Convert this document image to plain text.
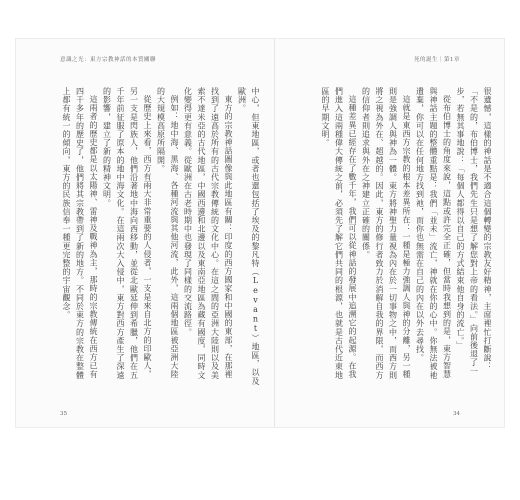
意識之光：東方宗教神話的本質關聯	死的誕生｜第1章

中心，但東地區，或者也還包括了埃及的黎凡特（Levant）地區，以及歐洲。

東方的宗教神話圖像與此地區有關：印度的西方國家和中國的東部，在那裡找到了遠高於所有的古代宗教傳統的文化中心。在這之間的亞洲大陸則以及美索不達米亞的古代地區，中國西邊和北邊以及東南亞地區為藏有國度，同時文化變得更有意義。從歐洲在古老時期中也發現了同樣的交流路徑。

例如：地中海、黑海、各種河流與其他河流，此外，這兩個地區被亞洲大陸的大規模高原所隔開。

從歷史上來看，西方有兩大非常重要的人侵者，一支是來自北方的印歐人，另一支是閃族人，他們沿著地中海向西移動，並從北歐延伸到希臘，他們在五千年前征服了原本的地中海文化。在這兩次大入侵中，東方對西方產生了深遠的影響，建立了新的精神文明。

這兩者的歷史都是以太陽神、雷神及戰神為主，那時的宗教傳統在西方已有四千多年的歷史了，他們將其宗教帶到了新的地方。不同於東方的宗教在整體上都有統一的傾向，東方的民族信奉一種更完整的宇宙觀念。	很遺憾，這樣的神話是不適合這個轉變的宗教友好精神，主席裡忙打斷說：「不是的，布伯博士，我們先生只是想了解您對上帝的看法。」向前後退了一步，若無其事地說：「每個人都得以自己的方式結束他自身的流亡。」

從布伯博士的角度來說，這點或許完全正確，但當時我想到的是，東方智慧與神話主題的整體重點是：我們「並未」流亡，神就在你的心中。你無法被祂遺棄，你可以在任何地方找到祂，而你也無需在自己的內在以外去尋找。

這就是東西方宗教的根本差異所在：一種是極力強調人與神的分離，另一種則是強調人與神為一體。東方將神聖力量視為內在於一切事物之中，而西方則將之視為外在、超越的。因此，東方的修行者致力於消解自我的界限，而西方的信仰者則追求與外在之神建立正確的關係。

這種差異已經存在了數千年，我們可以從神話的發展中追溯它的起源。在我們進入這兩種偉大傳統之前，必須先了解它們共同的根源，也就是古代近東地區的早期文明。

35	34
